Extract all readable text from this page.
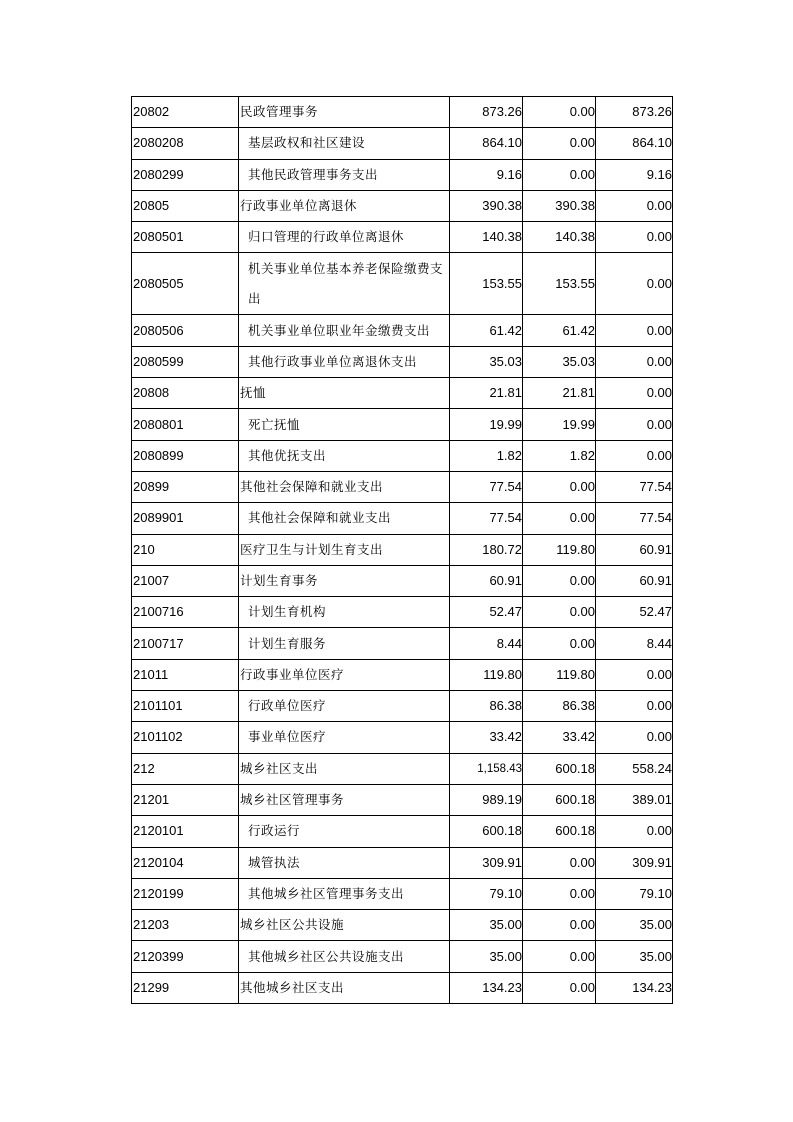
20802	民政管理事务	873.26	0.00	873.26
2080208	基层政权和社区建设	864.10	0.00	864.10
2080299	其他民政管理事务支出	9.16	0.00	9.16
20805	行政事业单位离退休	390.38	390.38	0.00
2080501	归口管理的行政单位离退休	140.38	140.38	0.00
2080505	机关事业单位基本养老保险缴费支出	153.55	153.55	0.00
2080506	机关事业单位职业年金缴费支出	61.42	61.42	0.00
2080599	其他行政事业单位离退休支出	35.03	35.03	0.00
20808	抚恤	21.81	21.81	0.00
2080801	死亡抚恤	19.99	19.99	0.00
2080899	其他优抚支出	1.82	1.82	0.00
20899	其他社会保障和就业支出	77.54	0.00	77.54
2089901	其他社会保障和就业支出	77.54	0.00	77.54
210	医疗卫生与计划生育支出	180.72	119.80	60.91
21007	计划生育事务	60.91	0.00	60.91
2100716	计划生育机构	52.47	0.00	52.47
2100717	计划生育服务	8.44	0.00	8.44
21011	行政事业单位医疗	119.80	119.80	0.00
2101101	行政单位医疗	86.38	86.38	0.00
2101102	事业单位医疗	33.42	33.42	0.00
212	城乡社区支出	1,158.43	600.18	558.24
21201	城乡社区管理事务	989.19	600.18	389.01
2120101	行政运行	600.18	600.18	0.00
2120104	城管执法	309.91	0.00	309.91
2120199	其他城乡社区管理事务支出	79.10	0.00	79.10
21203	城乡社区公共设施	35.00	0.00	35.00
2120399	其他城乡社区公共设施支出	35.00	0.00	35.00
21299	其他城乡社区支出	134.23	0.00	134.23
